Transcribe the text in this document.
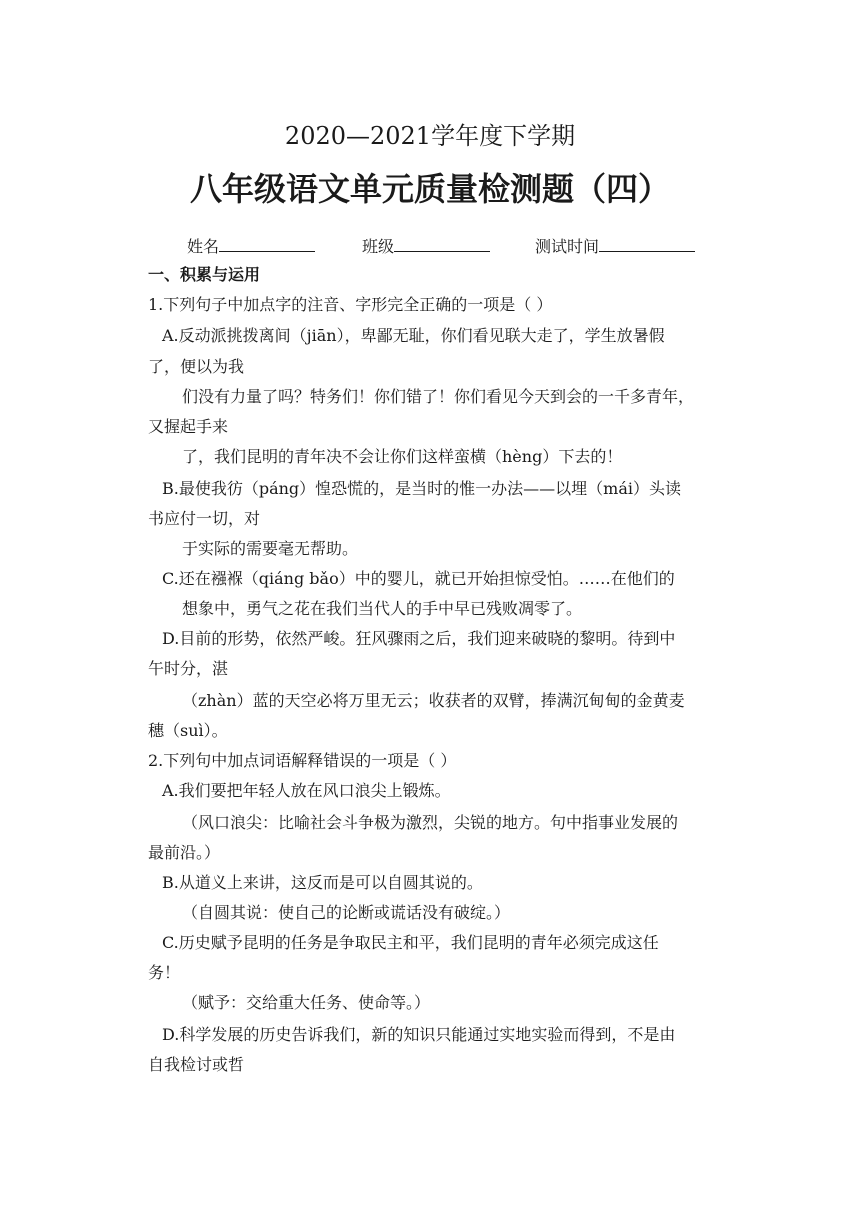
2020—2021学年度下学期
八年级语文单元质量检测题（四）
姓名	班级	测试时间
一、积累与运用
1.下列句子中加点字的注音、字形完全正确的一项是（ ）
A.反动派挑拨离间（jiān），卑鄙无耻，你们看见联大走了，学生放暑假
了，便以为我
们没有力量了吗？特务们！你们错了！你们看见今天到会的一千多青年，
又握起手来
了，我们昆明的青年决不会让你们这样蛮横（hèng）下去的！
B.最使我彷（páng）惶恐慌的，是当时的惟一办法——以埋（mái）头读
书应付一切，对
于实际的需要毫无帮助。
C.还在襁褓（qiáng bǎo）中的婴儿，就已开始担惊受怕。……在他们的
想象中，勇气之花在我们当代人的手中早已残败凋零了。
D.目前的形势，依然严峻。狂风骤雨之后，我们迎来破晓的黎明。待到中
午时分，湛
（zhàn）蓝的天空必将万里无云；收获者的双臂，捧满沉甸甸的金黄麦
穗（suì）。
2.下列句中加点词语解释错误的一项是（ ）
A.我们要把年轻人放在风口浪尖上锻炼。
（风口浪尖：比喻社会斗争极为激烈，尖锐的地方。句中指事业发展的
最前沿。）
B.从道义上来讲，这反而是可以自圆其说的。
（自圆其说：使自己的论断或谎话没有破绽。）
C.历史赋予昆明的任务是争取民主和平，我们昆明的青年必须完成这任
务！
（赋予：交给重大任务、使命等。）
D.科学发展的历史告诉我们，新的知识只能通过实地实验而得到，不是由
自我检讨或哲
